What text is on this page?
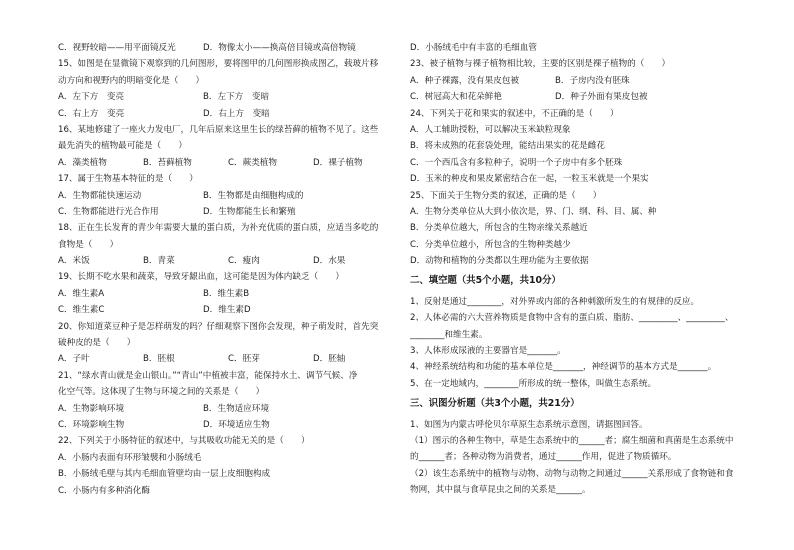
C．视野较暗——用平面镜反光	D．物像太小——换高倍目镜或高倍物镜
15、如图是在显微镜下观察到的几何图形，要将图甲的几何图形换成图乙，载玻片移
动方向和视野内的明暗变化是（　　）
A．左下方　变亮	B．左下方　变暗
C．右上方　变亮	D．右上方　变暗
16、某地修建了一座火力发电厂，几年后原来这里生长的绿苔藓的植物不见了。这些
最先消失的植物最可能是（　　）
A．藻类植物	B．苔藓植物	C．蕨类植物	D．裸子植物
17、属于生物基本特征的是（　　）
A．生物都能快速运动	B．生物都是由细胞构成的
C．生物都能进行光合作用	D．生物都能生长和繁殖
18、正在生长发育的青少年需要大量的蛋白质，为补充优质的蛋白质，应适当多吃的
食物是（　　）
A．米饭	B．青菜	C．瘦肉	D．水果
19、长期不吃水果和蔬菜，导致牙龈出血，这可能是因为体内缺乏（　　）
A．维生素A	B．维生素B
C．维生素C	D．维生素D
20、你知道菜豆种子是怎样萌发的吗？仔细观察下图你会发现，种子萌发时，首先突
破种皮的是（　　）
A．子叶	B．胚根	C．胚芽	D．胚轴
21、“绿水青山就是金山银山。”“青山”中植被丰富，能保持水土、调节气候、净
化空气等。这体现了生物与环境之间的关系是（　　）
A．生物影响环境	B．生物适应环境
C．环境影响生物	D．环境适应生物
22、下列关于小肠特征的叙述中，与其吸收功能无关的是（　　）
A．小肠内表面有环形皱襞和小肠绒毛
B．小肠绒毛壁与其内毛细血管壁均由一层上皮细胞构成
C．小肠内有多种消化酶
D．小肠绒毛中有丰富的毛细血管
23、被子植物与裸子植物相比较，主要的区别是裸子植物的（　　）
A．种子裸露，没有果皮包被	B．子房内没有胚珠
C．树冠高大和花朵鲜艳	D．种子外面有果皮包被
24、下列关于花和果实的叙述中，不正确的是（　　）
A．人工辅助授粉，可以解决玉米缺粒现象
B．将未成熟的花套袋处理，能结出果实的花是雌花
C．一个西瓜含有多粒种子，说明一个子房中有多个胚珠
D．玉米的种皮和果皮紧密结合在一起，一粒玉米就是一个果实
25、下面关于生物分类的叙述，正确的是（　　）
A．生物分类单位从大到小依次是，界、门、纲、科、目、属、种
B．分类单位越大，所包含的生物亲缘关系越近
C．分类单位越小，所包含的生物种类越少
D．动物和植物的分类都以生理功能为主要依据
二、填空题（共5个小题，共10分）
1、反射是通过________，对外界或内部的各种刺激所发生的有规律的反应。
2、人体必需的六大营养物质是食物中含有的蛋白质、脂肪、_________、_________、
________和维生素。
3、人体形成尿液的主要器官是_______。
4、神经系统结构和功能的基本单位是_______，神经调节的基本方式是_______。
5、在一定地域内，________所形成的统一整体，叫做生态系统。
三、识图分析题（共3个小题，共21分）
1、如图为内蒙古呼伦贝尔草原生态系统示意图，请据图回答。
（1）图示的各种生物中，草是生态系统中的______者；腐生细菌和真菌是生态系统中
的______者；各种动物为消费者，通过______作用，促进了物质循环。
（2）该生态系统中的植物与动物、动物与动物之间通过______关系形成了食物链和食
物网，其中鼠与食草昆虫之间的关系是______。
